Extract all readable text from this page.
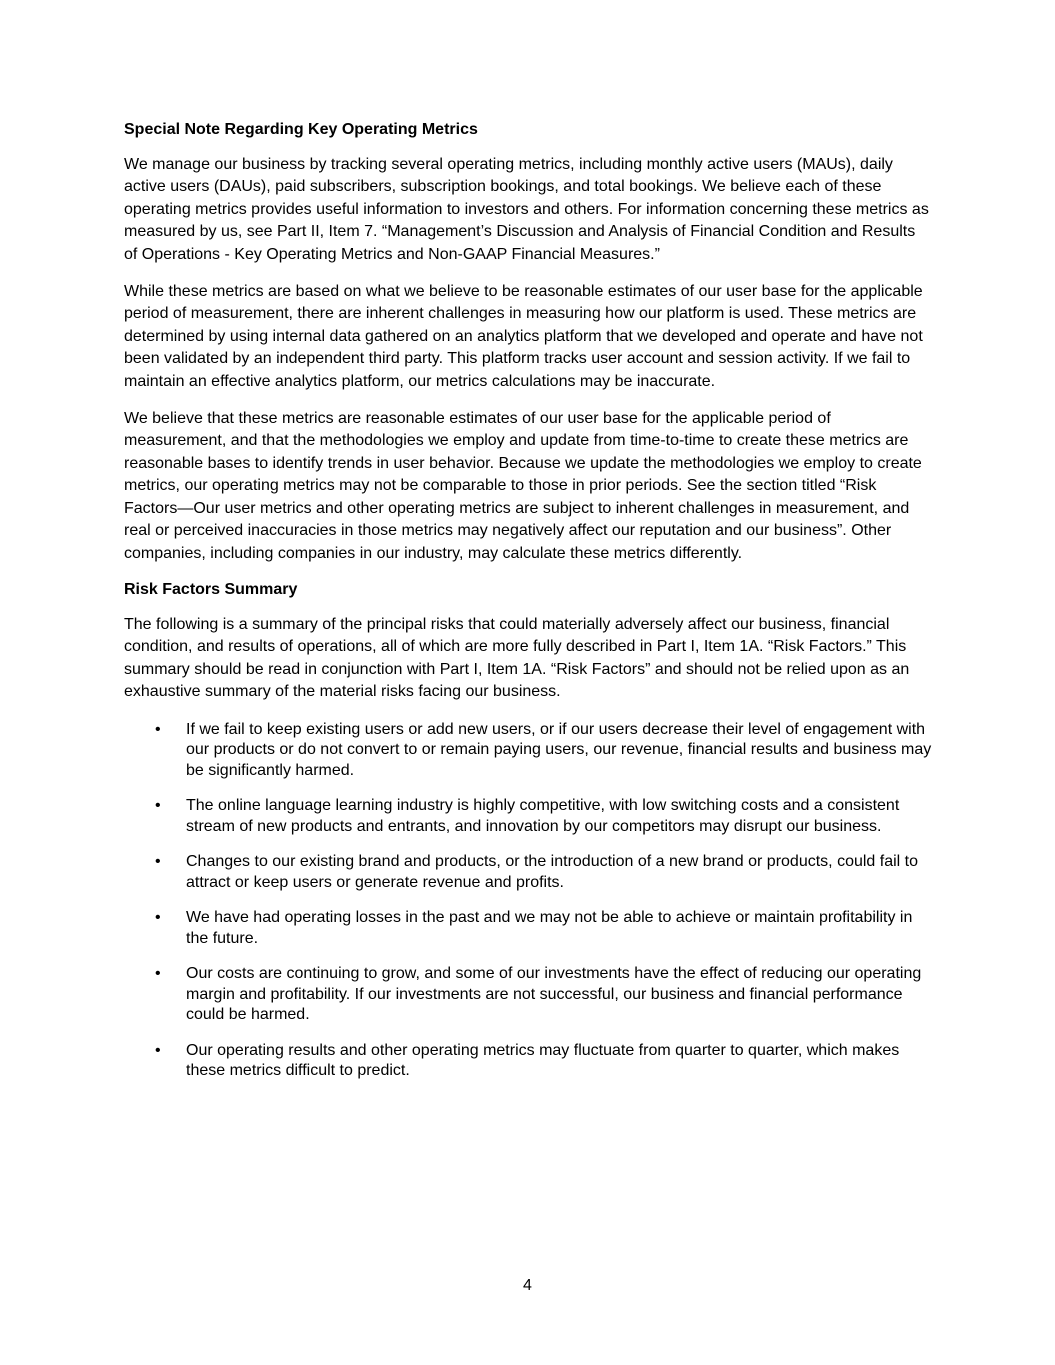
Special Note Regarding Key Operating Metrics

We manage our business by tracking several operating metrics, including monthly active users (MAUs), daily active users (DAUs), paid subscribers, subscription bookings, and total bookings. We believe each of these operating metrics provides useful information to investors and others. For information concerning these metrics as measured by us, see Part II, Item 7. “Management’s Discussion and Analysis of Financial Condition and Results of Operations - Key Operating Metrics and Non-GAAP Financial Measures.”

While these metrics are based on what we believe to be reasonable estimates of our user base for the applicable period of measurement, there are inherent challenges in measuring how our platform is used. These metrics are determined by using internal data gathered on an analytics platform that we developed and operate and have not been validated by an independent third party. This platform tracks user account and session activity. If we fail to maintain an effective analytics platform, our metrics calculations may be inaccurate.

We believe that these metrics are reasonable estimates of our user base for the applicable period of measurement, and that the methodologies we employ and update from time-to-time to create these metrics are reasonable bases to identify trends in user behavior. Because we update the methodologies we employ to create metrics, our operating metrics may not be comparable to those in prior periods. See the section titled “Risk Factors—Our user metrics and other operating metrics are subject to inherent challenges in measurement, and real or perceived inaccuracies in those metrics may negatively affect our reputation and our business”. Other companies, including companies in our industry, may calculate these metrics differently.

Risk Factors Summary

The following is a summary of the principal risks that could materially adversely affect our business, financial condition, and results of operations, all of which are more fully described in Part I, Item 1A. “Risk Factors.” This summary should be read in conjunction with Part I, Item 1A. “Risk Factors” and should not be relied upon as an exhaustive summary of the material risks facing our business.

• If we fail to keep existing users or add new users, or if our users decrease their level of engagement with our products or do not convert to or remain paying users, our revenue, financial results and business may be significantly harmed.
• The online language learning industry is highly competitive, with low switching costs and a consistent stream of new products and entrants, and innovation by our competitors may disrupt our business.
• Changes to our existing brand and products, or the introduction of a new brand or products, could fail to attract or keep users or generate revenue and profits.
• We have had operating losses in the past and we may not be able to achieve or maintain profitability in the future.
• Our costs are continuing to grow, and some of our investments have the effect of reducing our operating margin and profitability. If our investments are not successful, our business and financial performance could be harmed.
• Our operating results and other operating metrics may fluctuate from quarter to quarter, which makes these metrics difficult to predict.
4
